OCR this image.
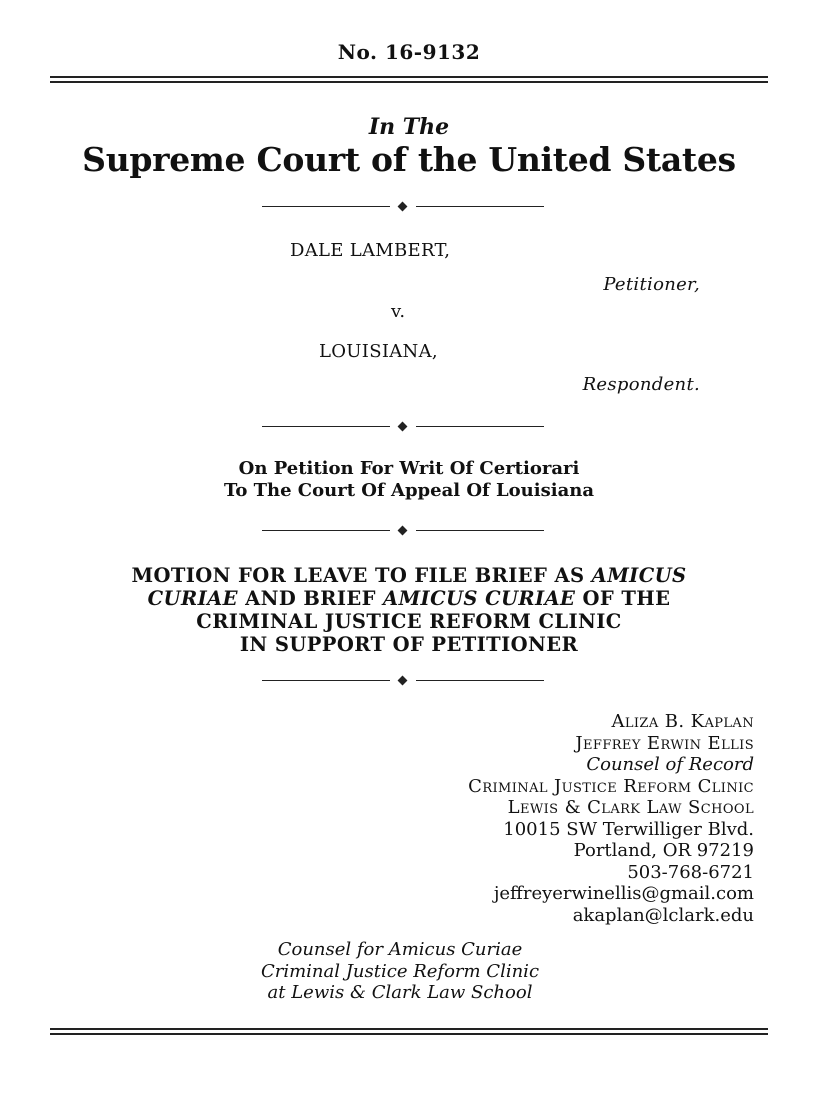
No. 16-9132
In The
Supreme Court of the United States
DALE LAMBERT,
Petitioner,
v.
LOUISIANA,
Respondent.
On Petition For Writ Of Certiorari
To The Court Of Appeal Of Louisiana
MOTION FOR LEAVE TO FILE BRIEF AS AMICUS
CURIAE AND BRIEF AMICUS CURIAE OF THE
CRIMINAL JUSTICE REFORM CLINIC
IN SUPPORT OF PETITIONER
Aliza B. Kaplan
Jeffrey Erwin Ellis
Counsel of Record
Criminal Justice Reform Clinic
Lewis & Clark Law School
10015 SW Terwilliger Blvd.
Portland, OR 97219
503-768-6721
jeffreyerwinellis@gmail.com
akaplan@lclark.edu
Counsel for Amicus Curiae
Criminal Justice Reform Clinic
at Lewis & Clark Law School
